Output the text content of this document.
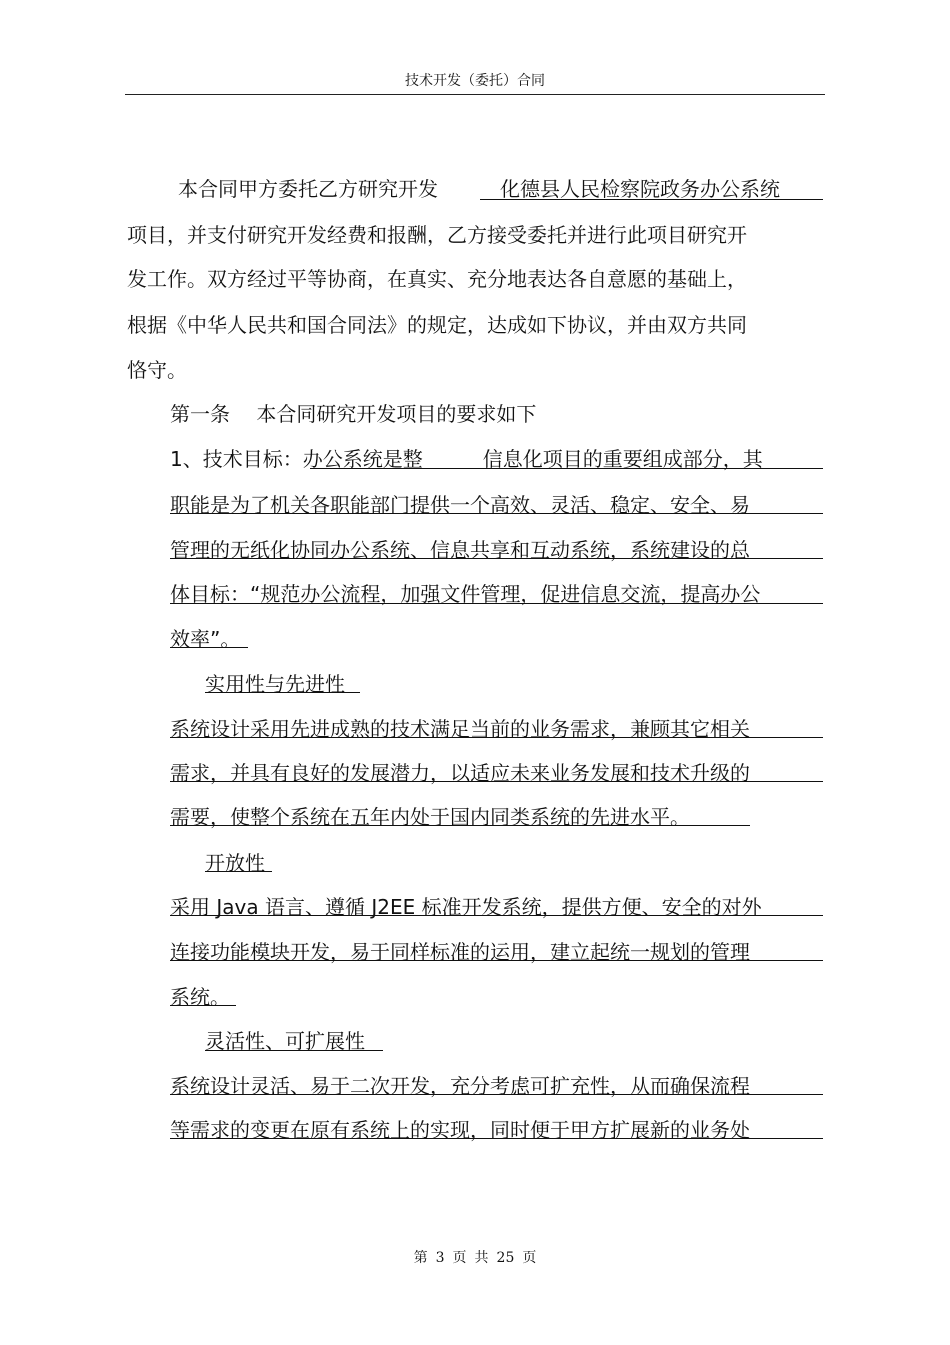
技术开发（委托）合同
本合同甲方委托乙方研究开发	化德县人民检察院政务办公系统
项目，并支付研究开发经费和报酬，乙方接受委托并进行此项目研究开
发工作。双方经过平等协商，在真实、充分地表达各自意愿的基础上，
根据《中华人民共和国合同法》的规定，达成如下协议，并由双方共同
恪守。
第一条　 本合同研究开发项目的要求如下
1、技术目标：办公系统是整　　　信息化项目的重要组成部分，其
职能是为了机关各职能部门提供一个高效、灵活、稳定、安全、易
管理的无纸化协同办公系统、信息共享和互动系统，系统建设的总
体目标：“规范办公流程，加强文件管理，促进信息交流，提高办公
效率”。
实用性与先进性
系统设计采用先进成熟的技术满足当前的业务需求，兼顾其它相关
需求，并具有良好的发展潜力，以适应未来业务发展和技术升级的
需要，使整个系统在五年内处于国内同类系统的先进水平。
开放性
采用 Java 语言、遵循 J2EE 标准开发系统，提供方便、安全的对外
连接功能模块开发，易于同样标准的运用，建立起统一规划的管理
系统。
灵活性、可扩展性
系统设计灵活、易于二次开发，充分考虑可扩充性，从而确保流程
等需求的变更在原有系统上的实现，同时便于甲方扩展新的业务处
第 3 页 共 25 页
